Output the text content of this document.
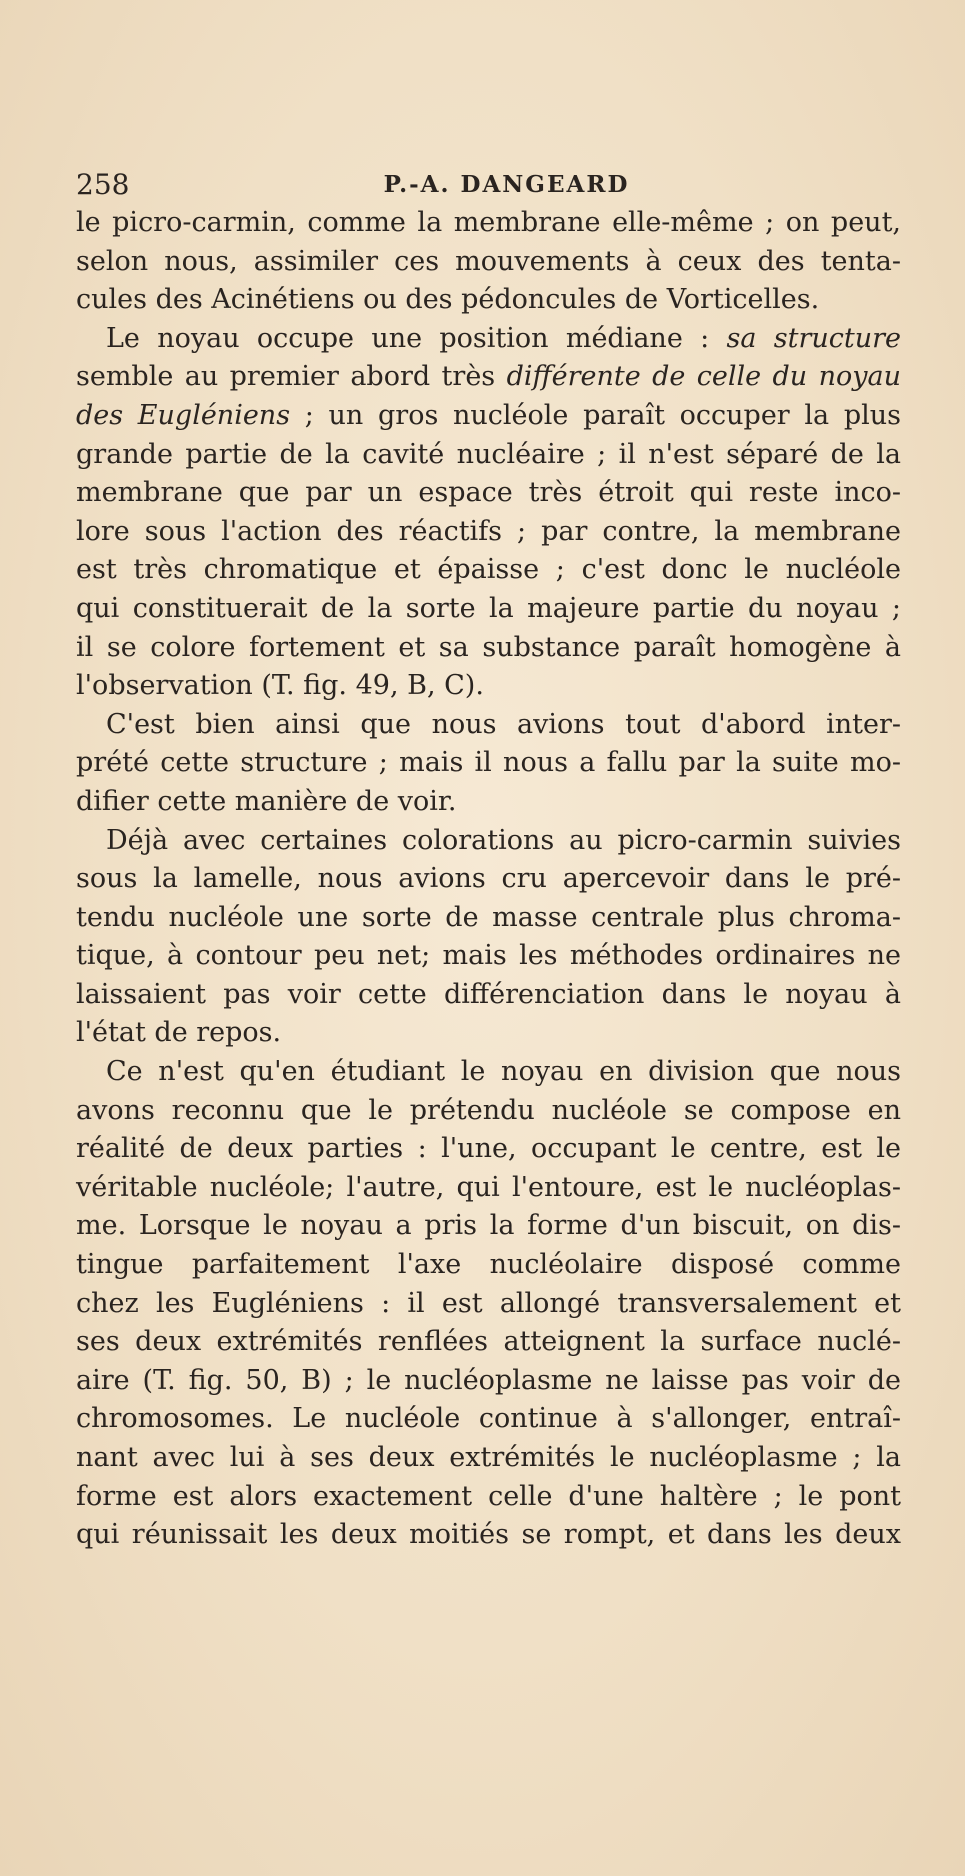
258	P.-A. DANGEARD
le picro-carmin, comme la membrane elle-même ; on peut,
selon nous, assimiler ces mouvements à ceux des tenta-
cules des Acinétiens ou des pédoncules de Vorticelles.
Le noyau occupe une position médiane : sa structure
semble au premier abord très différente de celle du noyau
des Eugléniens ; un gros nucléole paraît occuper la plus
grande partie de la cavité nucléaire ; il n'est séparé de la
membrane que par un espace très étroit qui reste inco-
lore sous l'action des réactifs ; par contre, la membrane
est très chromatique et épaisse ; c'est donc le nucléole
qui constituerait de la sorte la majeure partie du noyau ;
il se colore fortement et sa substance paraît homogène à
l'observation (T. fig. 49, B, C).
C'est bien ainsi que nous avions tout d'abord inter-
prété cette structure ; mais il nous a fallu par la suite mo-
difier cette manière de voir.
Déjà avec certaines colorations au picro-carmin suivies
sous la lamelle, nous avions cru apercevoir dans le pré-
tendu nucléole une sorte de masse centrale plus chroma-
tique, à contour peu net; mais les méthodes ordinaires ne
laissaient pas voir cette différenciation dans le noyau à
l'état de repos.
Ce n'est qu'en étudiant le noyau en division que nous
avons reconnu que le prétendu nucléole se compose en
réalité de deux parties : l'une, occupant le centre, est le
véritable nucléole; l'autre, qui l'entoure, est le nucléoplas-
me. Lorsque le noyau a pris la forme d'un biscuit, on dis-
tingue parfaitement l'axe nucléolaire disposé comme
chez les Eugléniens : il est allongé transversalement et
ses deux extrémités renflées atteignent la surface nuclé-
aire (T. fig. 50, B) ; le nucléoplasme ne laisse pas voir de
chromosomes. Le nucléole continue à s'allonger, entraî-
nant avec lui à ses deux extrémités le nucléoplasme ; la
forme est alors exactement celle d'une haltère ; le pont
qui réunissait les deux moitiés se rompt, et dans les deux
